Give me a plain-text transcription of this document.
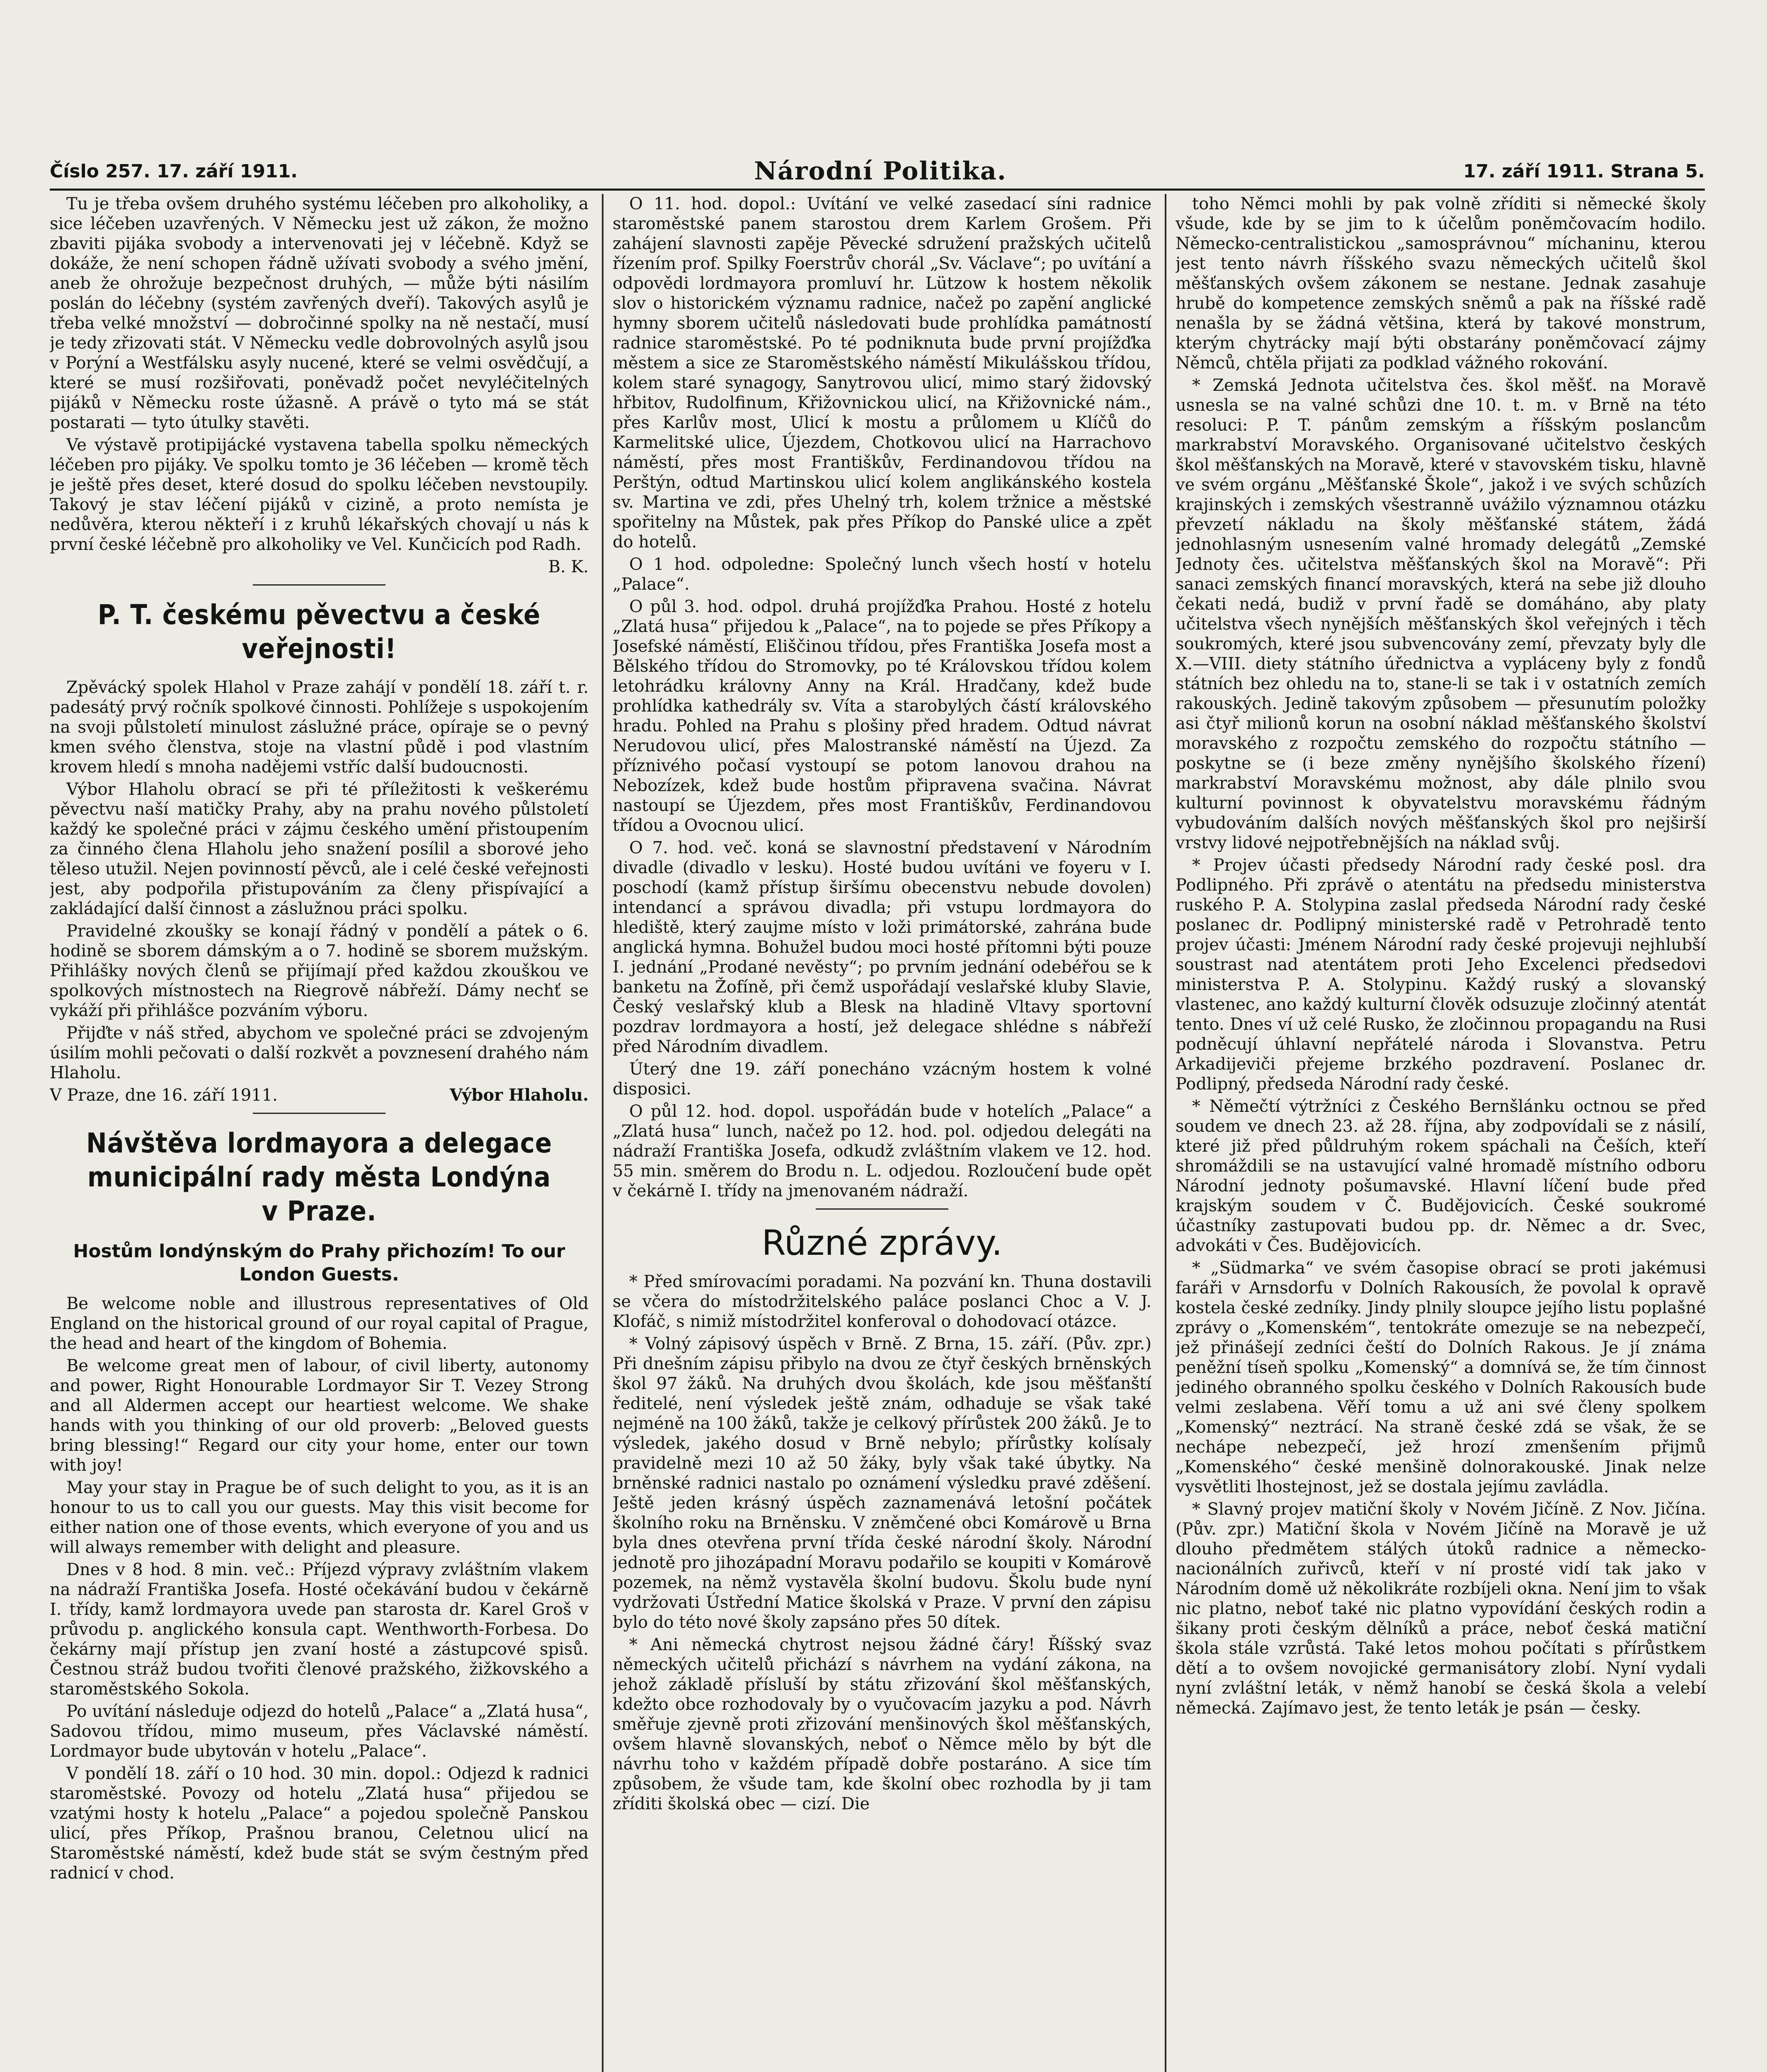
Číslo 257. 17. září 1911.	Národní Politika.	17. září 1911. Strana 5.

Tu je třeba ovšem druhého systému léčeben pro alkoholiky, a sice léčeben uzavřených. V Německu jest už zákon, že možno zbaviti pijáka svobody a intervenovati jej v léčebně. Když se dokáže, že není schopen řádně užívati svobody a svého jmění, aneb že ohrožuje bezpečnost druhých, — může býti násilím poslán do léčebny (systém zavřených dveří). Takových asylů je třeba velké množství — dobročinné spolky na ně nestačí, musí je tedy zřizovati stát. V Německu vedle dobrovolných asylů jsou v Porýní a Westfálsku asyly nucené, které se velmi osvědčují, a které se musí rozšiřovati, poněvadž počet nevyléčitelných pijáků v Německu roste úžasně. A právě o tyto má se stát postarati — tyto útulky stavěti.

Ve výstavě protipijácké vystavena tabella spolku německých léčeben pro pijáky. Ve spolku tomto je 36 léčeben — kromě těch je ještě přes deset, které dosud do spolku léčeben nevstoupily. Takový je stav léčení pijáků v cizině, a proto nemísta je nedůvěra, kterou někteří i z kruhů lékařských chovají u nás k první české léčebně pro alkoholiky ve Vel. Kunčicích pod Radh.

B. K.
P. T. českému pěvectvu a české veřejnosti!

Zpěvácký spolek Hlahol v Praze zahájí v pondělí 18. září t. r. padesátý prvý ročník spolkové činnosti. Pohlížeje s uspokojením na svoji půlstoletí minulost záslužné práce, opíraje se o pevný kmen svého členstva, stoje na vlastní půdě i pod vlastním krovem hledí s mnoha nadějemi vstříc další budoucnosti.

Výbor Hlaholu obrací se při té příležitosti k veškerému pěvectvu naší matičky Prahy, aby na prahu nového půlstoletí každý ke společné práci v zájmu českého umění přistoupením za činného člena Hlaholu jeho snažení posílil a sborové jeho těleso utužil. Nejen povinností pěvců, ale i celé české veřejnosti jest, aby podpořila přistupováním za členy přispívající a zakládající další činnost a záslužnou práci spolku.

Pravidelné zkoušky se konají řádný v pondělí a pátek o 6. hodině se sborem dámským a o 7. hodině se sborem mužským. Přihlášky nových členů se přijímají před každou zkouškou ve spolkových místnostech na Riegrově nábřeží. Dámy nechť se vykáží při přihlášce pozváním výboru.

Přijďte v náš střed, abychom ve společné práci se zdvojeným úsilím mohli pečovati o další rozkvět a povznesení drahého nám Hlaholu.

V Praze, dne 16. září 1911.	Výbor Hlaholu.
Návštěva lordmayora a delegace municipální rady města Londýna v Praze.
Hostům londýnským do Prahy přichozím! To our London Guests.

Be welcome noble and illustrous representatives of Old England on the historical ground of our royal capital of Prague, the head and heart of the kingdom of Bohemia.

Be welcome great men of labour, of civil liberty, autonomy and power, Right Honourable Lordmayor Sir T. Vezey Strong and all Aldermen accept our heartiest welcome. We shake hands with you thinking of our old proverb: „Beloved guests bring blessing!“ Regard our city your home, enter our town with joy!

May your stay in Prague be of such delight to you, as it is an honour to us to call you our guests. May this visit become for either nation one of those events, which everyone of you and us will always remember with delight and pleasure.

Dnes v 8 hod. 8 min. več.: Příjezd výpravy zvláštním vlakem na nádraží Františka Josefa. Hosté očekávání budou v čekárně I. třídy, kamž lordmayora uvede pan starosta dr. Karel Groš v průvodu p. anglického konsula capt. Wenthworth-Forbesa. Do čekárny mají přístup jen zvaní hosté a zástupcové spisů. Čestnou stráž budou tvořiti členové pražského, žižkovského a staroměstského Sokola.

Po uvítání následuje odjezd do hotelů „Palace“ a „Zlatá husa“, Sadovou třídou, mimo museum, přes Václavské náměstí. Lordmayor bude ubytován v hotelu „Palace“.

V pondělí 18. září o 10 hod. 30 min. dopol.: Odjezd k radnici staroměstské. Povozy od hotelu „Zlatá husa“ přijedou se vzatými hosty k hotelu „Palace“ a pojedou společně Panskou ulicí, přes Příkop, Prašnou branou, Celetnou ulicí na Staroměstské náměstí, kdež bude stát se svým čestným před radnicí v chod.

O 11. hod. dopol.: Uvítání ve velké zasedací síni radnice staroměstské panem starostou drem Karlem Grošem. Při zahájení slavnosti zapěje Pěvecké sdružení pražských učitelů řízením prof. Spilky Foerstrův chorál „Sv. Václave“; po uvítání a odpovědi lordmayora promluví hr. Lützow k hostem několik slov o historickém významu radnice, načež po zapění anglické hymny sborem učitelů následovati bude prohlídka památností radnice staroměstské. Po té podniknuta bude první projížďka městem a sice ze Staroměstského náměstí Mikulášskou třídou, kolem staré synagogy, Sanytrovou ulicí, mimo starý židovský hřbitov, Rudolfinum, Křižovnickou ulicí, na Křižovnické nám., přes Karlův most, Ulicí k mostu a průlomem u Klíčů do Karmelitské ulice, Újezdem, Chotkovou ulicí na Harrachovo náměstí, přes most Františkův, Ferdinandovou třídou na Perštýn, odtud Martinskou ulicí kolem anglikánského kostela sv. Martina ve zdi, přes Uhelný trh, kolem tržnice a městské spořitelny na Můstek, pak přes Příkop do Panské ulice a zpět do hotelů.

O 1 hod. odpoledne: Společný lunch všech hostí v hotelu „Palace“.

O půl 3. hod. odpol. druhá projížďka Prahou. Hosté z hotelu „Zlatá husa“ přijedou k „Palace“, na to pojede se přes Příkopy a Josefské náměstí, Eliščinou třídou, přes Františka Josefa most a Bělského třídou do Stromovky, po té Královskou třídou kolem letohrádku královny Anny na Král. Hradčany, kdež bude prohlídka kathedrály sv. Víta a starobylých částí královského hradu. Pohled na Prahu s plošiny před hradem. Odtud návrat Nerudovou ulicí, přes Malostranské náměstí na Újezd. Za příznivého počasí vystoupí se potom lanovou drahou na Nebozízek, kdež bude hostům připravena svačina. Návrat nastoupí se Újezdem, přes most Františkův, Ferdinandovou třídou a Ovocnou ulicí.

O 7. hod. več. koná se slavnostní představení v Národním divadle (divadlo v lesku). Hosté budou uvítáni ve foyeru v I. poschodí (kamž přístup širšímu obecenstvu nebude dovolen) intendancí a správou divadla; při vstupu lordmayora do hlediště, který zaujme místo v loži primátorské, zahrána bude anglická hymna. Bohužel budou moci hosté přítomni býti pouze I. jednání „Prodané nevěsty“; po prvním jednání odebéřou se k banketu na Žofíně, při čemž uspořádají veslařské kluby Slavie, Český veslařský klub a Blesk na hladině Vltavy sportovní pozdrav lordmayora a hostí, jež delegace shlédne s nábřeží před Národním divadlem.

Úterý dne 19. září ponecháno vzácným hostem k volné disposici.

O půl 12. hod. dopol. uspořádán bude v hotelích „Palace“ a „Zlatá husa“ lunch, načež po 12. hod. pol. odjedou delegáti na nádraží Františka Josefa, odkudž zvláštním vlakem ve 12. hod. 55 min. směrem do Brodu n. L. odjedou. Rozloučení bude opět v čekárně I. třídy na jmenovaném nádraží.

Různé zprávy.

* Před smírovacími poradami. Na pozvání kn. Thuna dostavili se včera do místodržitelského paláce poslanci Choc a V. J. Klofáč, s nimiž místodržitel konferoval o dohodovací otázce.

* Volný zápisový úspěch v Brně. Z Brna, 15. září. (Pův. zpr.) Při dnešním zápisu přibylo na dvou ze čtyř českých brněnských škol 97 žáků. Na druhých dvou školách, kde jsou měšťanští ředitelé, není výsledek ještě znám, odhaduje se však také nejméně na 100 žáků, takže je celkový přírůstek 200 žáků. Je to výsledek, jakého dosud v Brně nebylo; přírůstky kolísaly pravidelně mezi 10 až 50 žáky, byly však také úbytky. Na brněnské radnici nastalo po oznámení výsledku pravé zděšení. Ještě jeden krásný úspěch zaznamenává letošní počátek školního roku na Brněnsku. V zněmčené obci Komárově u Brna byla dnes otevřena první třída české národní školy. Národní jednotě pro jihozápadní Moravu podařilo se koupiti v Komárově pozemek, na němž vystavěla školní budovu. Školu bude nyní vydržovati Ústřední Matice školská v Praze. V první den zápisu bylo do této nové školy zapsáno přes 50 dítek.

* Ani německá chytrost nejsou žádné čáry! Říšský svaz německých učitelů přichází s návrhem na vydání zákona, na jehož základě přísluší by státu zřizování škol měšťanských, kdežto obce rozhodovaly by o vyučovacím jazyku a pod. Návrh směřuje zjevně proti zřizování menšinových škol měšťanských, ovšem hlavně slovanských, neboť o Němce mělo by být dle návrhu toho v každém případě dobře postaráno. A sice tím způsobem, že všude tam, kde školní obec rozhodla by ji tam zříditi školská obec — cizí. Die

toho Němci mohli by pak volně zříditi si německé školy všude, kde by se jim to k účelům poněmčovacím hodilo. Německo-centralistickou „samosprávnou“ míchaninu, kterou jest tento návrh říšského svazu německých učitelů škol měšťanských ovšem zákonem se nestane. Jednak zasahuje hrubě do kompetence zemských sněmů a pak na říšské radě nenašla by se žádná většina, která by takové monstrum, kterým chytrácky mají býti obstarány poněmčovací zájmy Němců, chtěla přijati za podklad vážného rokování.

* Zemská Jednota učitelstva čes. škol měšť. na Moravě usnesla se na valné schůzi dne 10. t. m. v Brně na této resoluci: P. T. pánům zemským a říšským poslancům markrabství Moravského. Organisované učitelstvo českých škol měšťanských na Moravě, které v stavovském tisku, hlavně ve svém orgánu „Měšťanské Škole“, jakož i ve svých schůzích krajinských i zemských všestranně uvážilo významnou otázku převzetí nákladu na školy měšťanské státem, žádá jednohlasným usnesením valné hromady delegátů „Zemské Jednoty čes. učitelstva měšťanských škol na Moravě“: Při sanaci zemských financí moravských, která na sebe již dlouho čekati nedá, budiž v první řadě se domáháno, aby platy učitelstva všech nynějších měšťanských škol veřejných i těch soukromých, které jsou subvencovány zemí, převzaty byly dle X.—VIII. diety státního úřednictva a vypláceny byly z fondů státních bez ohledu na to, stane-li se tak i v ostatních zemích rakouských. Jedině takovým způsobem — přesunutím položky asi čtyř milionů korun na osobní náklad měšťanského školství moravského z rozpočtu zemského do rozpočtu státního — poskytne se (i beze změny nynějšího školského řízení) markrabství Moravskému možnost, aby dále plnilo svou kulturní povinnost k obyvatelstvu moravskému řádným vybudováním dalších nových měšťanských škol pro nejširší vrstvy lidové nejpotřebnějších na náklad svůj.

* Projev účasti předsedy Národní rady české posl. dra Podlipného. Při zprávě o atentátu na předsedu ministerstva ruského P. A. Stolypina zaslal předseda Národní rady české poslanec dr. Podlipný ministerské radě v Petrohradě tento projev účasti: Jménem Národní rady české projevuji nejhlubší soustrast nad atentátem proti Jeho Excelenci předsedovi ministerstva P. A. Stolypinu. Každý ruský a slovanský vlastenec, ano každý kulturní člověk odsuzuje zločinný atentát tento. Dnes ví už celé Rusko, že zločinnou propagandu na Rusi podněcují úhlavní nepřátelé národa i Slovanstva. Petru Arkadijeviči přejeme brzkého pozdravení. Poslanec dr. Podlipný, předseda Národní rady české.

* Němečtí výtržníci z Českého Bernšlánku octnou se před soudem ve dnech 23. až 28. října, aby zodpovídali se z násilí, které již před půldruhým rokem spáchali na Češích, kteří shromáždili se na ustavující valné hromadě místního odboru Národní jednoty pošumavské. Hlavní líčení bude před krajským soudem v Č. Budějovicích. České soukromé účastníky zastupovati budou pp. dr. Němec a dr. Svec, advokáti v Čes. Budějovicích.

* „Südmarka“ ve svém časopise obrací se proti jakémusi faráři v Arnsdorfu v Dolních Rakousích, že povolal k opravě kostela české zedníky. Jindy plnily sloupce jejího listu poplašné zprávy o „Komenském“, tentokráte omezuje se na nebezpečí, jež přinášejí zedníci čeští do Dolních Rakous. Je jí známa peněžní tíseň spolku „Komenský“ a domnívá se, že tím činnost jediného obranného spolku českého v Dolních Rakousích bude velmi zeslabena. Věří tomu a už ani své členy spolkem „Komenský“ neztrácí. Na straně české zdá se však, že se nechápe nebezpečí, jež hrozí zmenšením přijmů „Komenského“ české menšině dolnorakouské. Jinak nelze vysvětliti lhostejnost, jež se dostala jejímu zavládla.

* Slavný projev matiční školy v Novém Jičíně. Z Nov. Jičína. (Pův. zpr.) Matiční škola v Novém Jičíně na Moravě je už dlouho předmětem stálých útoků radnice a německo-nacionálních zuřivců, kteří v ní prosté vidí tak jako v Národním domě už několikráte rozbíjeli okna. Není jim to však nic platno, neboť také nic platno vypovídání českých rodin a šikany proti českým dělníků a práce, neboť česká matiční škola stále vzrůstá. Také letos mohou počítati s přírůstkem dětí a to ovšem novojické germanisátory zlobí. Nyní vydali nyní zvláštní leták, v němž hanobí se česká škola a velebí německá. Zajímavo jest, že tento leták je psán — česky.
